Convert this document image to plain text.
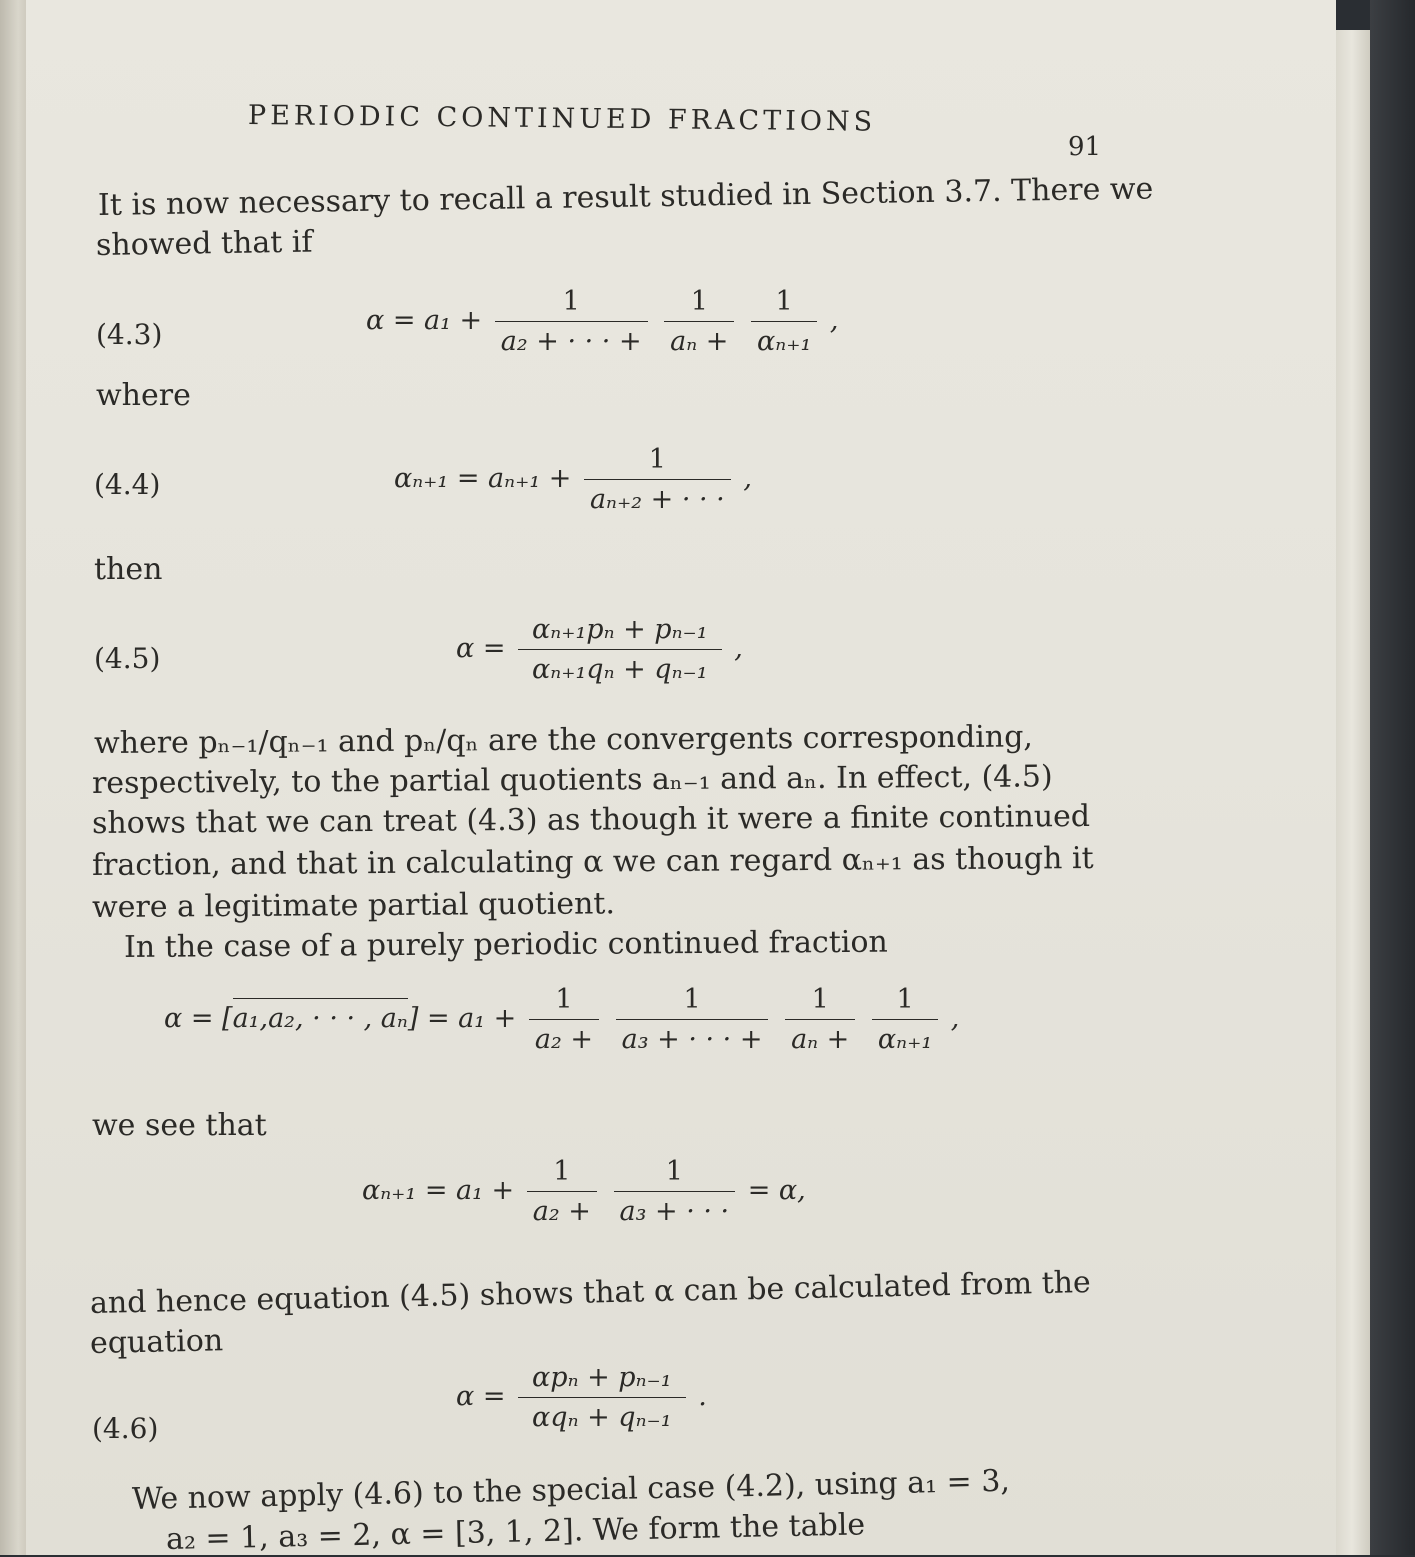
PERIODIC CONTINUED FRACTIONS
91
It is now necessary to recall a result studied in Section 3.7. There we
showed that if
(4.3)	$\alpha = a_1 + \frac{1}{\text{a₂ + · · · +}}$
$\frac{1}{\text{aₙ +}}$
$\frac{1}{\text{αₙ₊₁}}$ ,
where
(4.4)	$\alpha_{n+1} = a_{n+1} + \frac{1}{\text{aₙ₊₂ + · · ·}}$ ,
then
(4.5)	$\alpha = \frac{\text{αₙ₊₁pₙ + pₙ₋₁}}{\text{αₙ₊₁qₙ + qₙ₋₁}}$ ,
where pₙ₋₁/qₙ₋₁ and pₙ/qₙ are the convergents corresponding,
respectively, to the partial quotients aₙ₋₁ and aₙ. In effect, (4.5)
shows that we can treat (4.3) as though it were a finite continued
fraction, and that in calculating α we can regard αₙ₊₁ as though it
were a legitimate partial quotient.
In the case of a purely periodic continued fraction
α = [a₁,a₂, · · · , $a_n] = a_1 + \frac{1}{\text{a₂ +}}$
$\frac{1}{\text{a₃ + · · · +}}$
$\frac{1}{\text{aₙ +}}$
$\frac{1}{\text{αₙ₊₁}}$ ,
we see that
$\alpha_{n+1} = a_1 + \frac{1}{\text{a₂ +}}$
$\frac{1}{\text{a₃ + · · ·}} = \alpha$,
and hence equation (4.5) shows that α can be calculated from the
equation
(4.6)
$\alpha = \frac{\text{αpₙ + pₙ₋₁}}{\text{αqₙ + qₙ₋₁}}$ .
We now apply (4.6) to the special case (4.2), using a₁ = 3,
a₂ = 1, a₃ = 2, α = [3, 1, 2]. We form the table
